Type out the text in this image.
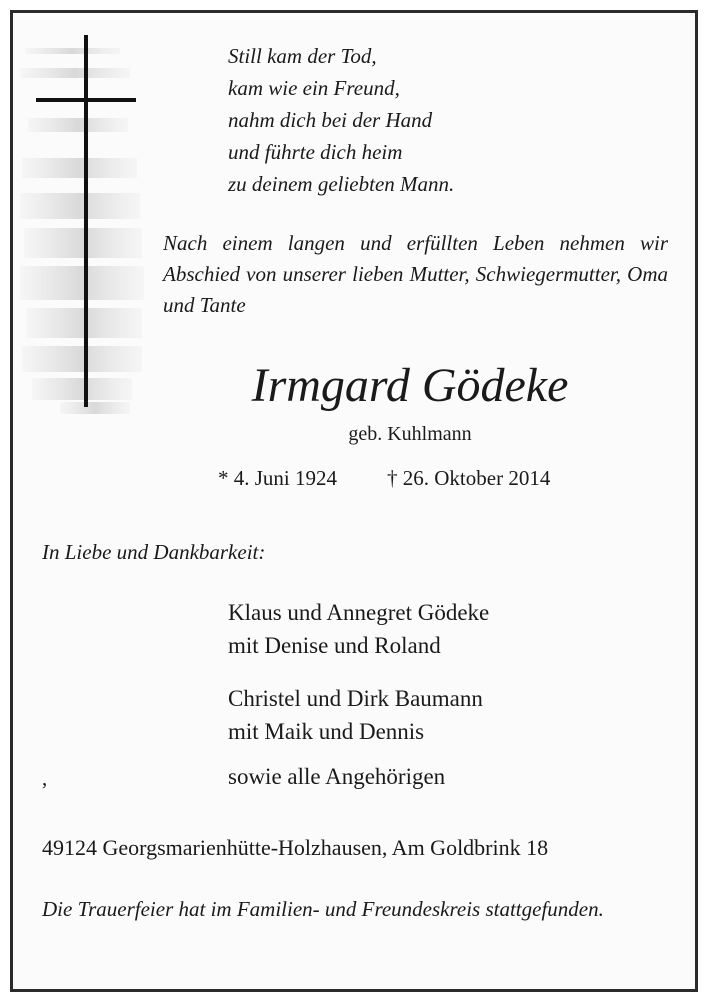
Still kam der Tod,
kam wie ein Freund,
nahm dich bei der Hand
und führte dich heim
zu deinem geliebten Mann.

Nach einem langen und erfüllten Leben nehmen wir Abschied von unserer lieben Mutter, Schwiegermutter, Oma und Tante

Irmgard Gödeke
geb. Kuhlmann
* 4. Juni 1924 † 26. Oktober 2014
In Liebe und Dankbarkeit:
Klaus und Annegret Gödeke
mit Denise und Roland
Christel und Dirk Baumann
mit Maik und Dennis
,	sowie alle Angehörigen
49124 Georgsmarienhütte-Holzhausen, Am Goldbrink 18

Die Trauerfeier hat im Familien- und Freundeskreis stattgefunden.
